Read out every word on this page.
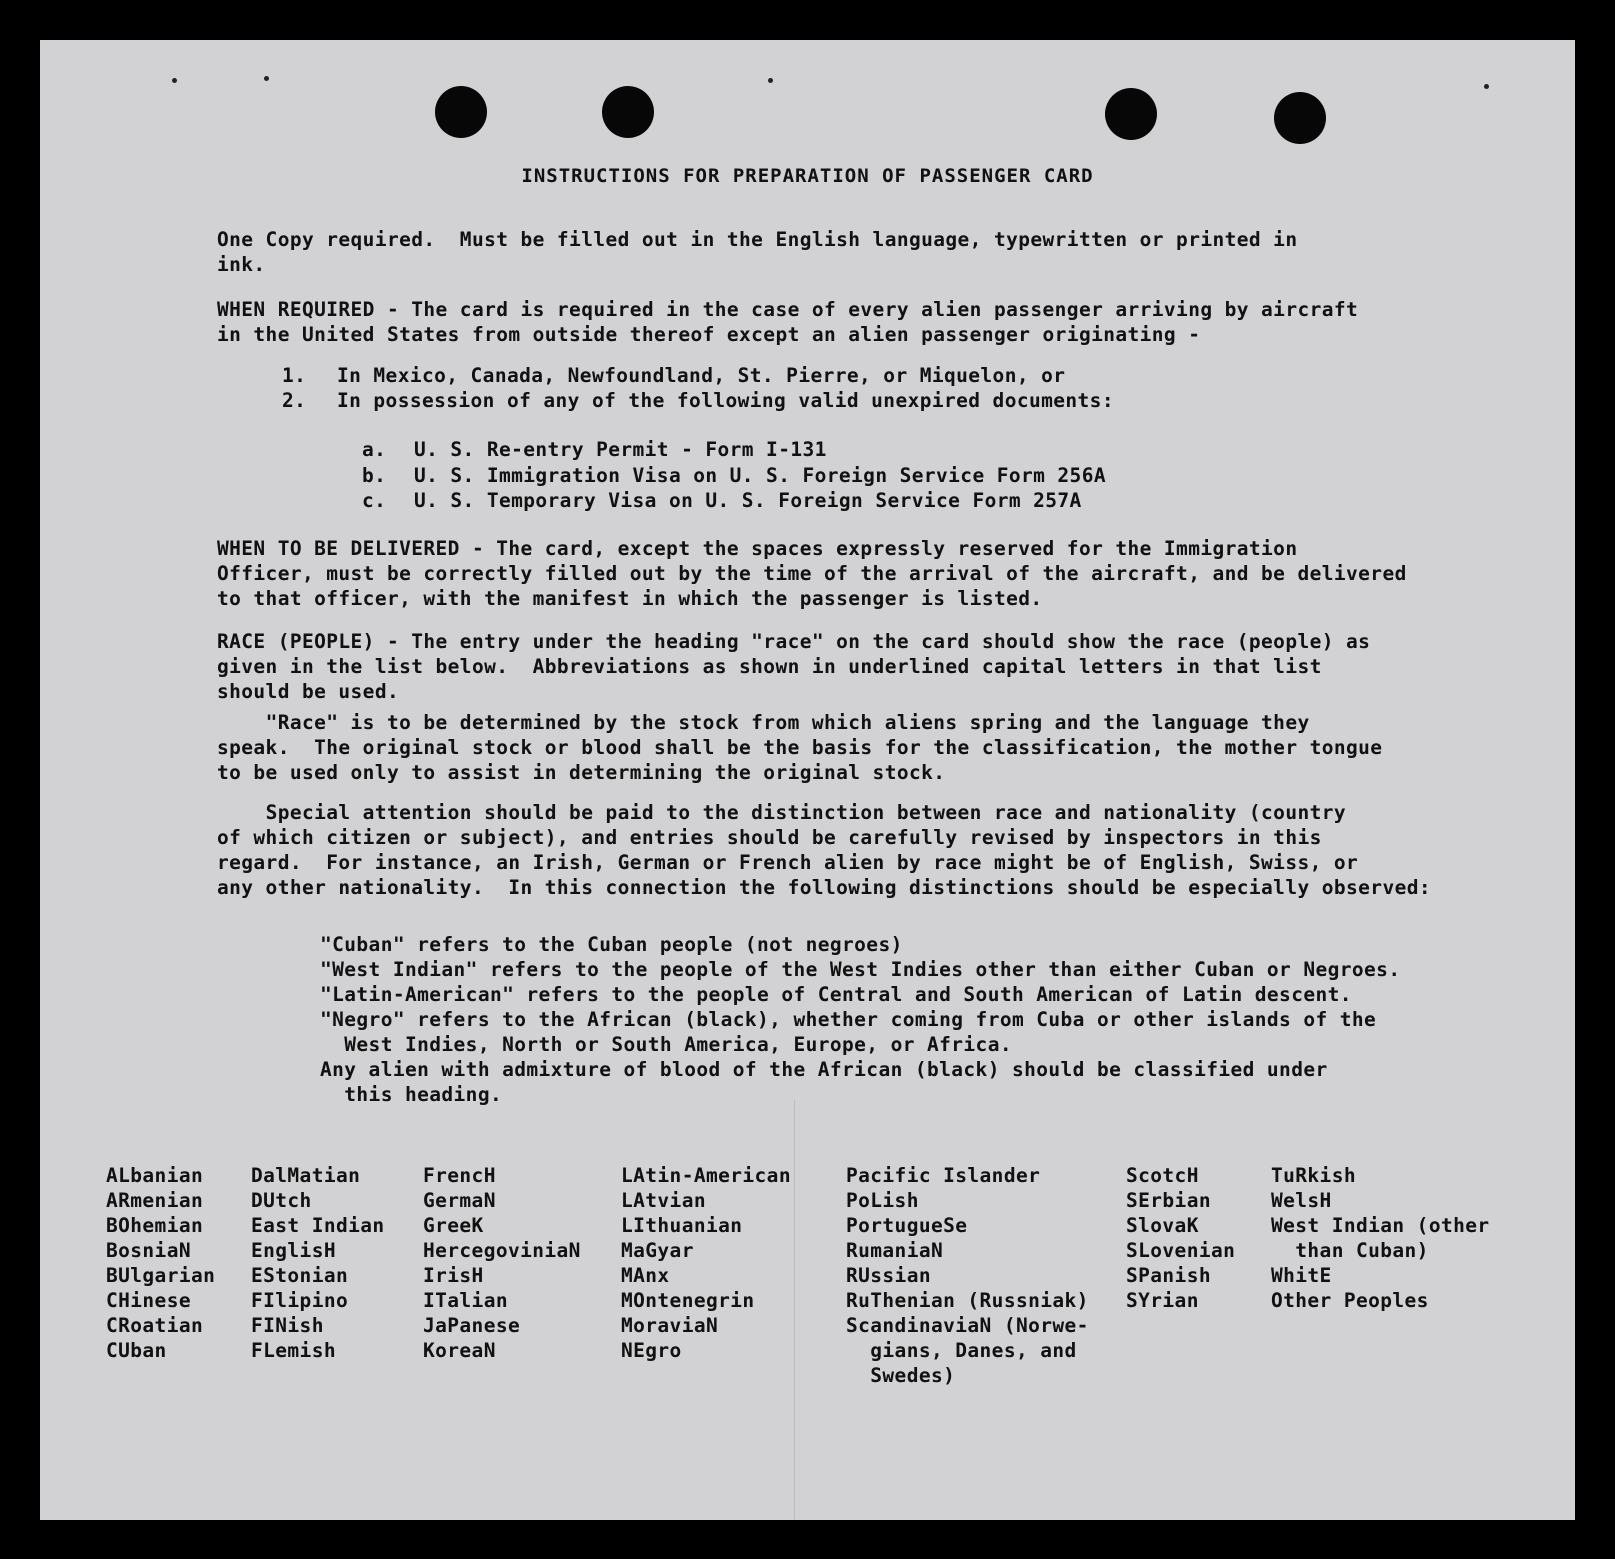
INSTRUCTIONS FOR PREPARATION OF PASSENGER CARD

One Copy required.  Must be filled out in the English language, typewritten or printed in
ink.

WHEN REQUIRED - The card is required in the case of every alien passenger arriving by aircraft
in the United States from outside thereof except an alien passenger originating -

1. In Mexico, Canada, Newfoundland, St. Pierre, or Miquelon, or
2. In possession of any of the following valid unexpired documents:
a. U. S. Re-entry Permit - Form I-131
b. U. S. Immigration Visa on U. S. Foreign Service Form 256A
c. U. S. Temporary Visa on U. S. Foreign Service Form 257A

WHEN TO BE DELIVERED - The card, except the spaces expressly reserved for the Immigration
Officer, must be correctly filled out by the time of the arrival of the aircraft, and be delivered
to that officer, with the manifest in which the passenger is listed.

RACE (PEOPLE) - The entry under the heading "race" on the card should show the race (people) as
given in the list below.  Abbreviations as shown in underlined capital letters in that list
should be used.

"Race" is to be determined by the stock from which aliens spring and the language they
speak.  The original stock or blood shall be the basis for the classification, the mother tongue
to be used only to assist in determining the original stock.

Special attention should be paid to the distinction between race and nationality (country
of which citizen or subject), and entries should be carefully revised by inspectors in this
regard.  For instance, an Irish, German or French alien by race might be of English, Swiss, or
any other nationality.  In this connection the following distinctions should be especially observed:

"Cuban" refers to the Cuban people (not negroes)
"West Indian" refers to the people of the West Indies other than either Cuban or Negroes.
"Latin-American" refers to the people of Central and South American of Latin descent.
"Negro" refers to the African (black), whether coming from Cuba or other islands of the
West Indies, North or South America, Europe, or Africa.
Any alien with admixture of blood of the African (black) should be classified under
this heading.

ALbanian
ARmenian
BOhemian
BosniaN
BUlgarian
CHinese
CRoatian
CUban
DalMatian
DUtch
East Indian
EnglisH
EStonian
FIlipino
FINish
FLemish
FrencH
GermaN
GreeK
HercegoviniaN
IrisH
ITalian
JaPanese
KoreaN
LAtin-American
LAtvian
LIthuanian
MaGyar
MAnx
MOntenegrin
MoraviaN
NEgro
Pacific Islander
PoLish
PortugueSe
RumaniaN
RUssian
RuThenian (Russniak)
ScandinaviaN (Norwe-
gians, Danes, and
Swedes)
ScotcH
SErbian
SlovaK
SLovenian
SPanish
SYrian
TuRkish
WelsH
West Indian (other
than Cuban)
WhitE
Other Peoples
